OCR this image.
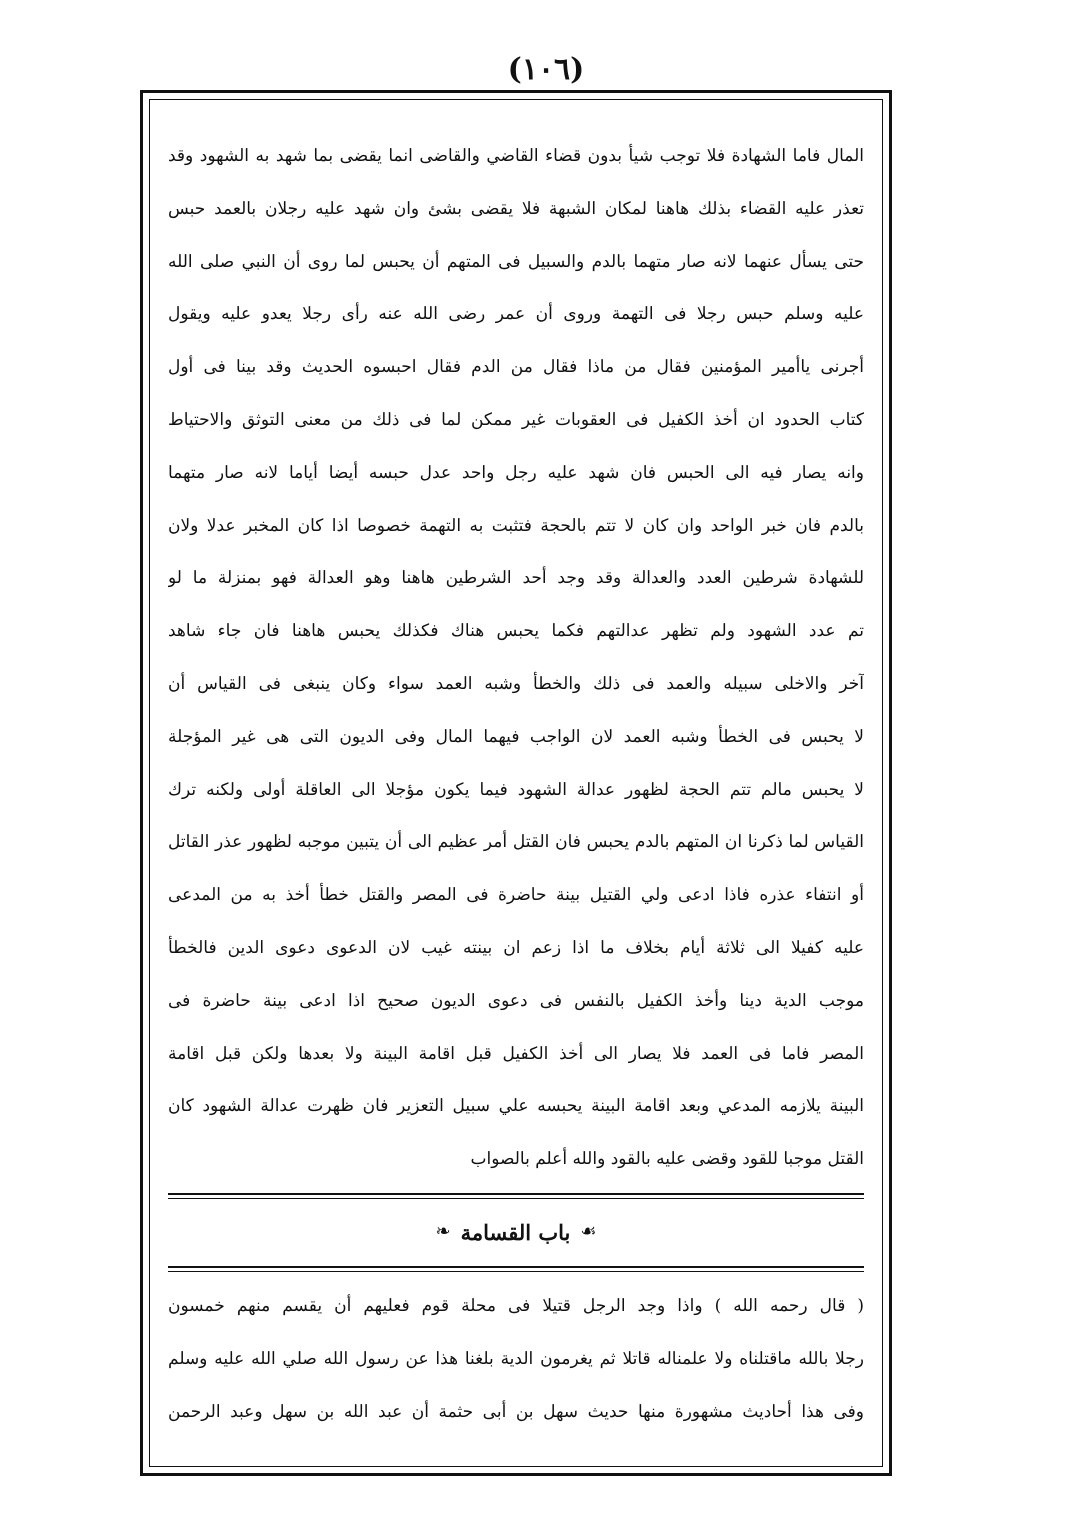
(١٠٦)
المال فاما الشهادة فلا توجب شيأ بدون قضاء القاضي والقاضى انما يقضى بما شهد به الشهود وقد
تعذر عليه القضاء بذلك هاهنا لمكان الشبهة فلا يقضى بشئ وان شهد عليه رجلان بالعمد حبس
حتى يسأل عنهما لانه صار متهما بالدم والسبيل فى المتهم أن يحبس لما روى أن النبي صلى الله
عليه وسلم حبس رجلا فى التهمة وروى أن عمر رضى الله عنه رأى رجلا يعدو عليه ويقول
أجرنى ياأمير المؤمنين فقال من ماذا فقال من الدم فقال احبسوه الحديث وقد بينا فى أول
كتاب الحدود ان أخذ الكفيل فى العقوبات غير ممكن لما فى ذلك من معنى التوثق والاحتياط
وانه يصار فيه الى الحبس فان شهد عليه رجل واحد عدل حبسه أيضا أياما لانه صار متهما
بالدم فان خبر الواحد وان كان لا تتم بالحجة فتثبت به التهمة خصوصا اذا كان المخبر عدلا ولان
للشهادة شرطين العدد والعدالة وقد وجد أحد الشرطين هاهنا وهو العدالة فهو بمنزلة ما لو
تم عدد الشهود ولم تظهر عدالتهم فكما يحبس هناك فكذلك يحبس هاهنا فان جاء شاهد
آخر والاخلى سبيله والعمد فى ذلك والخطأ وشبه العمد سواء وكان ينبغى فى القياس أن
لا يحبس فى الخطأ وشبه العمد لان الواجب فيهما المال وفى الديون التى هى غير المؤجلة
لا يحبس مالم تتم الحجة لظهور عدالة الشهود فيما يكون مؤجلا الى العاقلة أولى ولكنه ترك
القياس لما ذكرنا ان المتهم بالدم يحبس فان القتل أمر عظيم الى أن يتبين موجبه لظهور عذر القاتل
أو انتفاء عذره فاذا ادعى ولي القتيل بينة حاضرة فى المصر والقتل خطأ أخذ به من المدعى
عليه كفيلا الى ثلاثة أيام بخلاف ما اذا زعم ان بينته غيب لان الدعوى دعوى الدين فالخطأ
موجب الدية دينا وأخذ الكفيل بالنفس فى دعوى الديون صحيح اذا ادعى بينة حاضرة فى
المصر فاما فى العمد فلا يصار الى أخذ الكفيل قبل اقامة البينة ولا بعدها ولكن قبل اقامة
البينة يلازمه المدعي وبعد اقامة البينة يحبسه علي سبيل التعزير فان ظهرت عدالة الشهود كان
القتل موجبا للقود وقضى عليه بالقود والله أعلم بالصواب
☙
باب القسامة
❧
( قال رحمه الله ) واذا وجد الرجل قتيلا فى محلة قوم فعليهم أن يقسم منهم خمسون
رجلا بالله ماقتلناه ولا علمناله قاتلا ثم يغرمون الدية بلغنا هذا عن رسول الله صلي الله عليه وسلم
وفى هذا أحاديث مشهورة منها حديث سهل بن أبى حثمة أن عبد الله بن سهل وعبد الرحمن
